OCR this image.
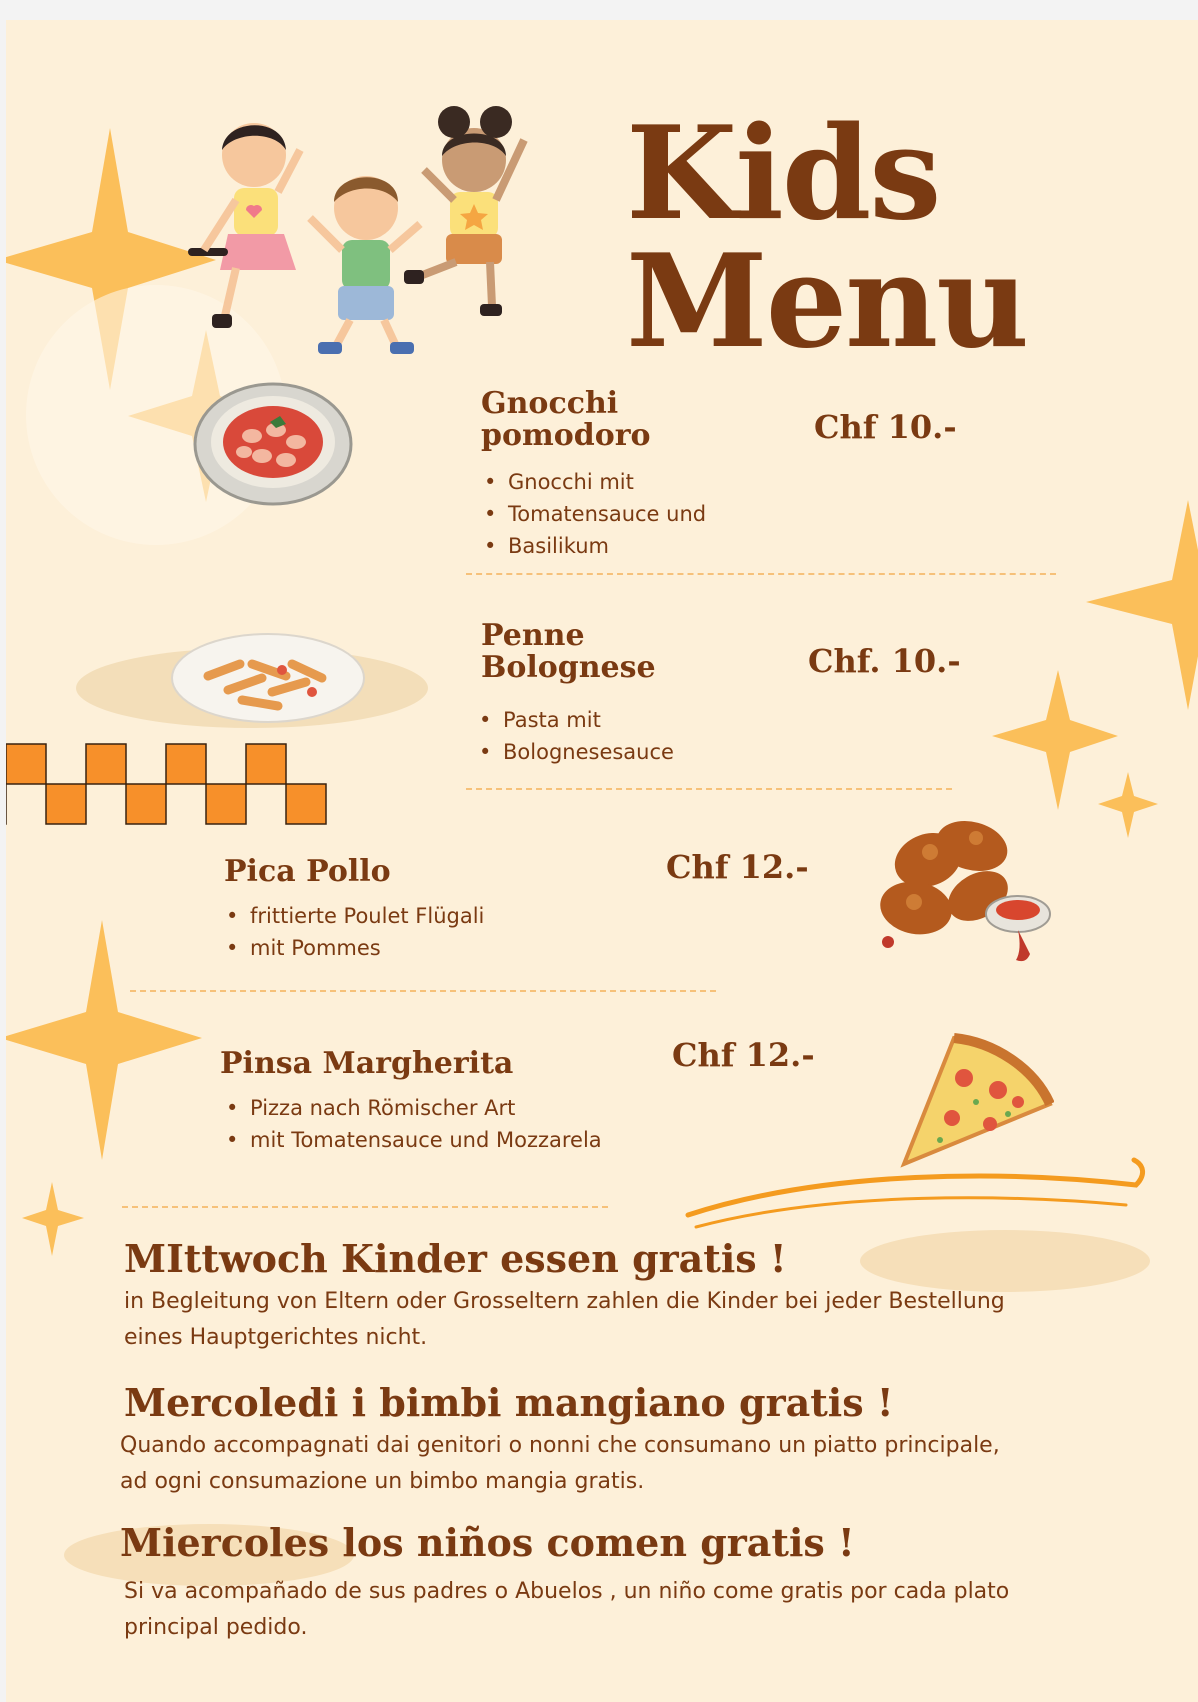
Kids
Menu
Gnocchi
pomodoro	Chf 10.-
• Gnocchi mit
• Tomatensauce und
• Basilikum
Penne
Bolognese	Chf. 10.-
• Pasta mit
• Bolognesesauce
Pica Pollo	Chf 12.-
• frittierte Poulet Flügali
• mit Pommes
Pinsa Margherita	Chf 12.-
• Pizza nach Römischer Art
• mit Tomatensauce und Mozzarela
MIttwoch Kinder essen gratis !
in Begleitung von Eltern oder Grosseltern zahlen die Kinder bei jeder Bestellung
eines Hauptgerichtes nicht.
Mercoledi i bimbi mangiano gratis !
Quando accompagnati dai genitori o nonni che consumano un piatto principale,
ad ogni consumazione un bimbo mangia gratis.
Miercoles los niños comen gratis !
Si va acompañado de sus padres o Abuelos , un niño come gratis por cada plato
principal pedido.
